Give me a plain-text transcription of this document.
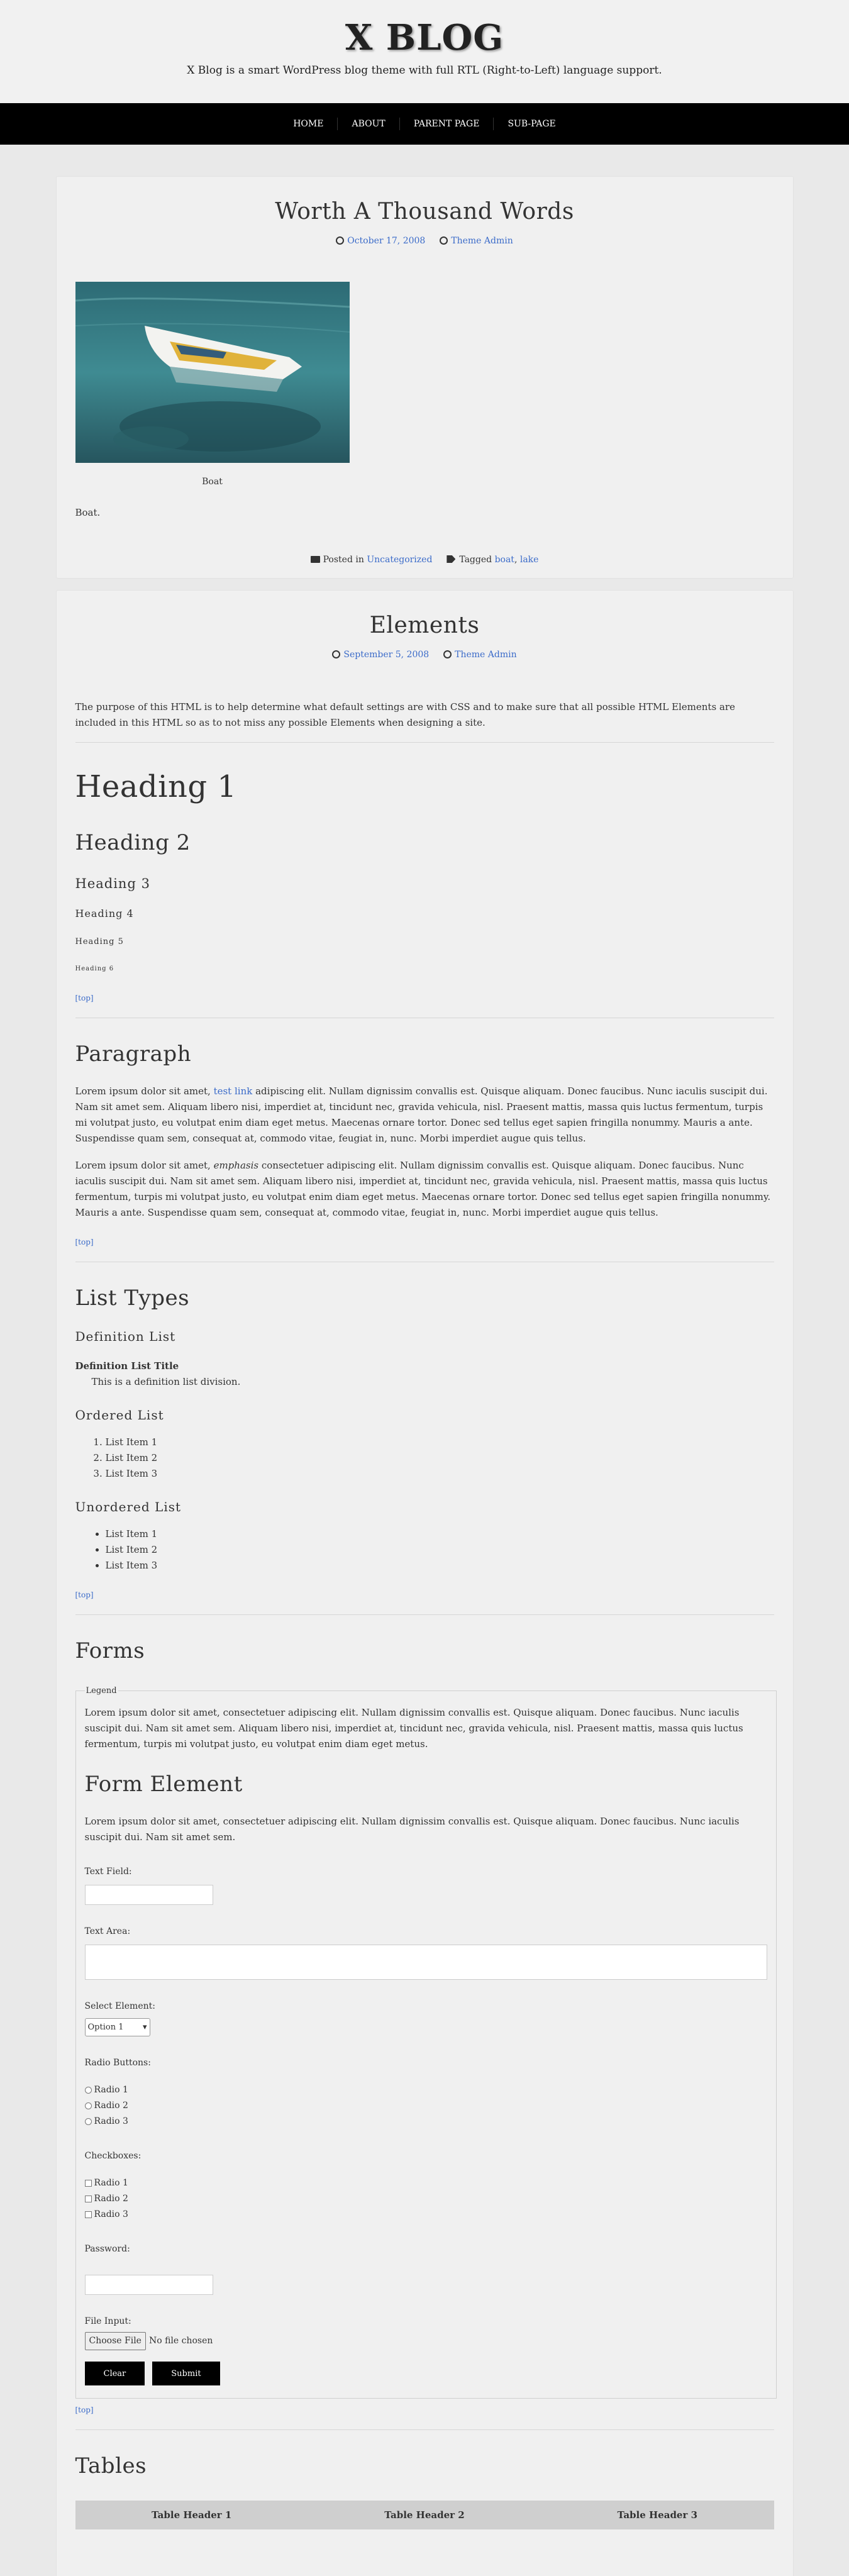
X BLOG
X Blog is a smart WordPress blog theme with full RTL (Right-to-Left) language support.
HOME	ABOUT	PARENT PAGE	SUB-PAGE
Worth A Thousand Words
October 17, 2008	Theme Admin
Boat

Boat.

Posted in Uncategorized	Tagged boat, lake
Elements
September 5, 2008	Theme Admin

The purpose of this HTML is to help determine what default settings are with CSS and to make sure that all possible HTML Elements are included in this HTML so as to not miss any possible Elements when designing a site.

Heading 1
Heading 2
Heading 3
Heading 4
Heading 5
Heading 6
[top]
Paragraph

Lorem ipsum dolor sit amet, test link adipiscing elit. Nullam dignissim convallis est. Quisque aliquam. Donec faucibus. Nunc iaculis suscipit dui. Nam sit amet sem. Aliquam libero nisi, imperdiet at, tincidunt nec, gravida vehicula, nisl. Praesent mattis, massa quis luctus fermentum, turpis mi volutpat justo, eu volutpat enim diam eget metus. Maecenas ornare tortor. Donec sed tellus eget sapien fringilla nonummy. Mauris a ante. Suspendisse quam sem, consequat at, commodo vitae, feugiat in, nunc. Morbi imperdiet augue quis tellus.

Lorem ipsum dolor sit amet, emphasis consectetuer adipiscing elit. Nullam dignissim convallis est. Quisque aliquam. Donec faucibus. Nunc iaculis suscipit dui. Nam sit amet sem. Aliquam libero nisi, imperdiet at, tincidunt nec, gravida vehicula, nisl. Praesent mattis, massa quis luctus fermentum, turpis mi volutpat justo, eu volutpat enim diam eget metus. Maecenas ornare tortor. Donec sed tellus eget sapien fringilla nonummy. Mauris a ante. Suspendisse quam sem, consequat at, commodo vitae, feugiat in, nunc. Morbi imperdiet augue quis tellus.

[top]
List Types
Definition List
Definition List Title
This is a definition list division.
Ordered List
1. List Item 1
2. List Item 2
3. List Item 3
Unordered List
• List Item 1
• List Item 2
• List Item 3
[top]
Forms
Legend

Lorem ipsum dolor sit amet, consectetuer adipiscing elit. Nullam dignissim convallis est. Quisque aliquam. Donec faucibus. Nunc iaculis suscipit dui. Nam sit amet sem. Aliquam libero nisi, imperdiet at, tincidunt nec, gravida vehicula, nisl. Praesent mattis, massa quis luctus fermentum, turpis mi volutpat justo, eu volutpat enim diam eget metus.

Form Element

Lorem ipsum dolor sit amet, consectetuer adipiscing elit. Nullam dignissim convallis est. Quisque aliquam. Donec faucibus. Nunc iaculis suscipit dui. Nam sit amet sem.

Text Field:
Text Area:
Select Element:
Option 1 ▾
Radio Buttons:
Radio 1
Radio 2
Radio 3
Checkboxes:
Radio 1
Radio 2
Radio 3
Password:
File Input:
Choose File No file chosen
Clear	Submit
[top]
Tables
Table Header 1	Table Header 2	Table Header 3
